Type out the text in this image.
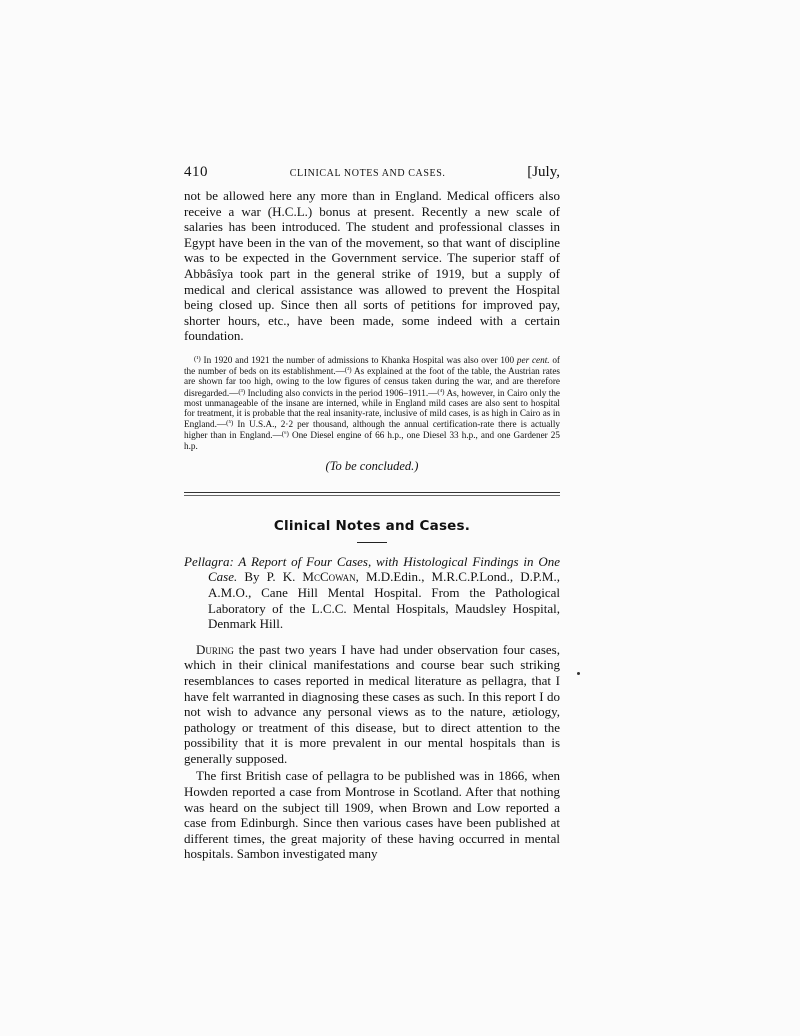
410	CLINICAL NOTES AND CASES.	[July,

not be allowed here any more than in England. Medical officers also receive a war (H.C.L.) bonus at present. Recently a new scale of salaries has been introduced. The student and professional classes in Egypt have been in the van of the movement, so that want of discipline was to be expected in the Government service. The superior staff of Abbâsîya took part in the general strike of 1919, but a supply of medical and clerical assistance was allowed to prevent the Hospital being closed up. Since then all sorts of petitions for improved pay, shorter hours, etc., have been made, some indeed with a certain foundation.

$^{(^1)}$ In 1920 and 1921 the number of admissions to Khanka Hospital was also over 100 per cent. of the number of beds on its establishment.—$^{(^2)}$ As explained at the foot of the table, the Austrian rates are shown far too high, owing to the low figures of census taken during the war, and are therefore disregarded.—$^{(^3)}$ Including also convicts in the period 1906–1911.—$^{(^4)}$ As, however, in Cairo only the most unmanageable of the insane are interned, while in England mild cases are also sent to hospital for treatment, it is probable that the real insanity-rate, inclusive of mild cases, is as high in Cairo as in England.—$^{(^5)}$ In U.S.A., 2·2 per thousand, although the annual certification-rate there is actually higher than in England.—$^{(^6)}$ One Diesel engine of 66 h.p., one Diesel 33 h.p., and one Gardener 25 h.p.
(To be concluded.)
Clinical Notes and Cases.
Pellagra: A Report of Four Cases, with Histological Findings in One Case. By P. K. McCowan, M.D.Edin., M.R.C.P.Lond., D.P.M., A.M.O., Cane Hill Mental Hospital. From the Pathological Laboratory of the L.C.C. Mental Hospitals, Maudsley Hospital, Denmark Hill.

During the past two years I have had under observation four cases, which in their clinical manifestations and course bear such striking resemblances to cases reported in medical literature as pellagra, that I have felt warranted in diagnosing these cases as such. In this report I do not wish to advance any personal views as to the nature, ætiology, pathology or treatment of this disease, but to direct attention to the possibility that it is more prevalent in our mental hospitals than is generally supposed.

The first British case of pellagra to be published was in 1866, when Howden reported a case from Montrose in Scotland. After that nothing was heard on the subject till 1909, when Brown and Low reported a case from Edinburgh. Since then various cases have been published at different times, the great majority of these having occurred in mental hospitals. Sambon investigated many
